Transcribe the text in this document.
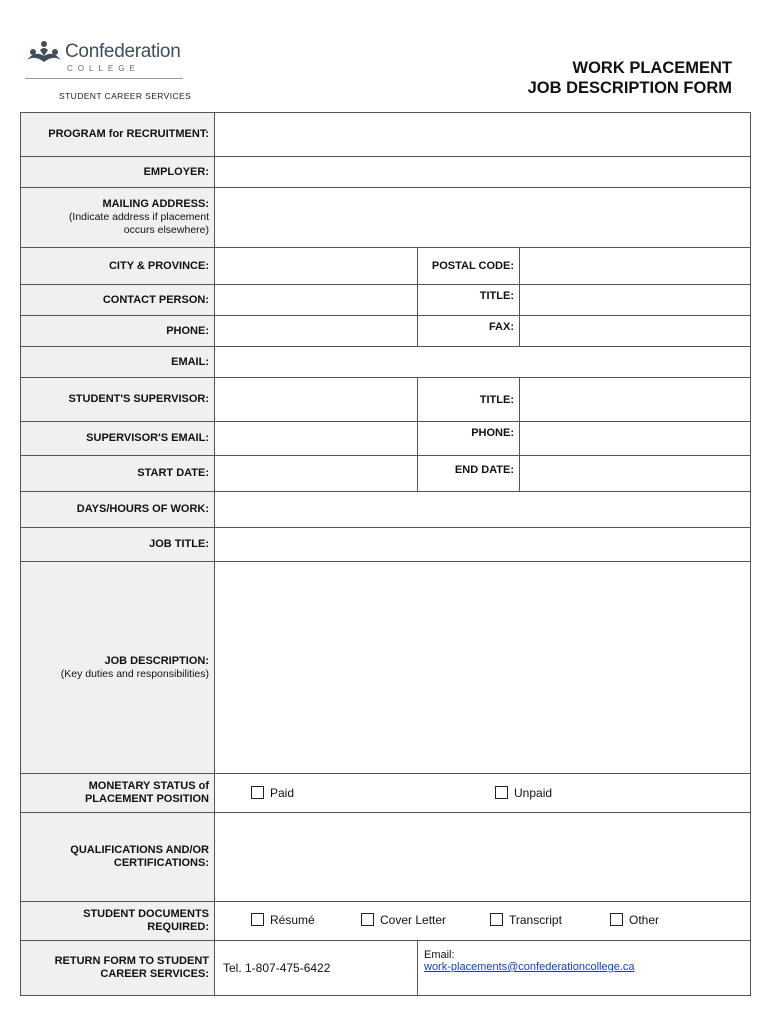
Confederation
COLLEGE
STUDENT CAREER SERVICES
WORK PLACEMENT
JOB DESCRIPTION FORM
PROGRAM for RECRUITMENT:			
EMPLOYER:			
MAILING ADDRESS:
(Indicate address if placement occurs elsewhere)			

CITY & PROVINCE:		POSTAL CODE:	
CONTACT PERSON:		TITLE:	
PHONE:		FAX:	
EMAIL:			
STUDENT'S SUPERVISOR:		TITLE:	
SUPERVISOR'S EMAIL:		PHONE:	
START DATE:		END DATE:	
DAYS/HOURS OF WORK:			
JOB TITLE:			
JOB DESCRIPTION:
(Key duties and responsibilities)			

MONETARY STATUS of PLACEMENT POSITION	Paid Unpaid		

QUALIFICATIONS AND/OR CERTIFICATIONS:			
STUDENT DOCUMENTS REQUIRED:	Résumé Cover Letter Transcript Other		

RETURN FORM TO STUDENT CAREER SERVICES:	Tel. 1-807-475-6422	Email:
work-placements@confederationcollege.ca	
